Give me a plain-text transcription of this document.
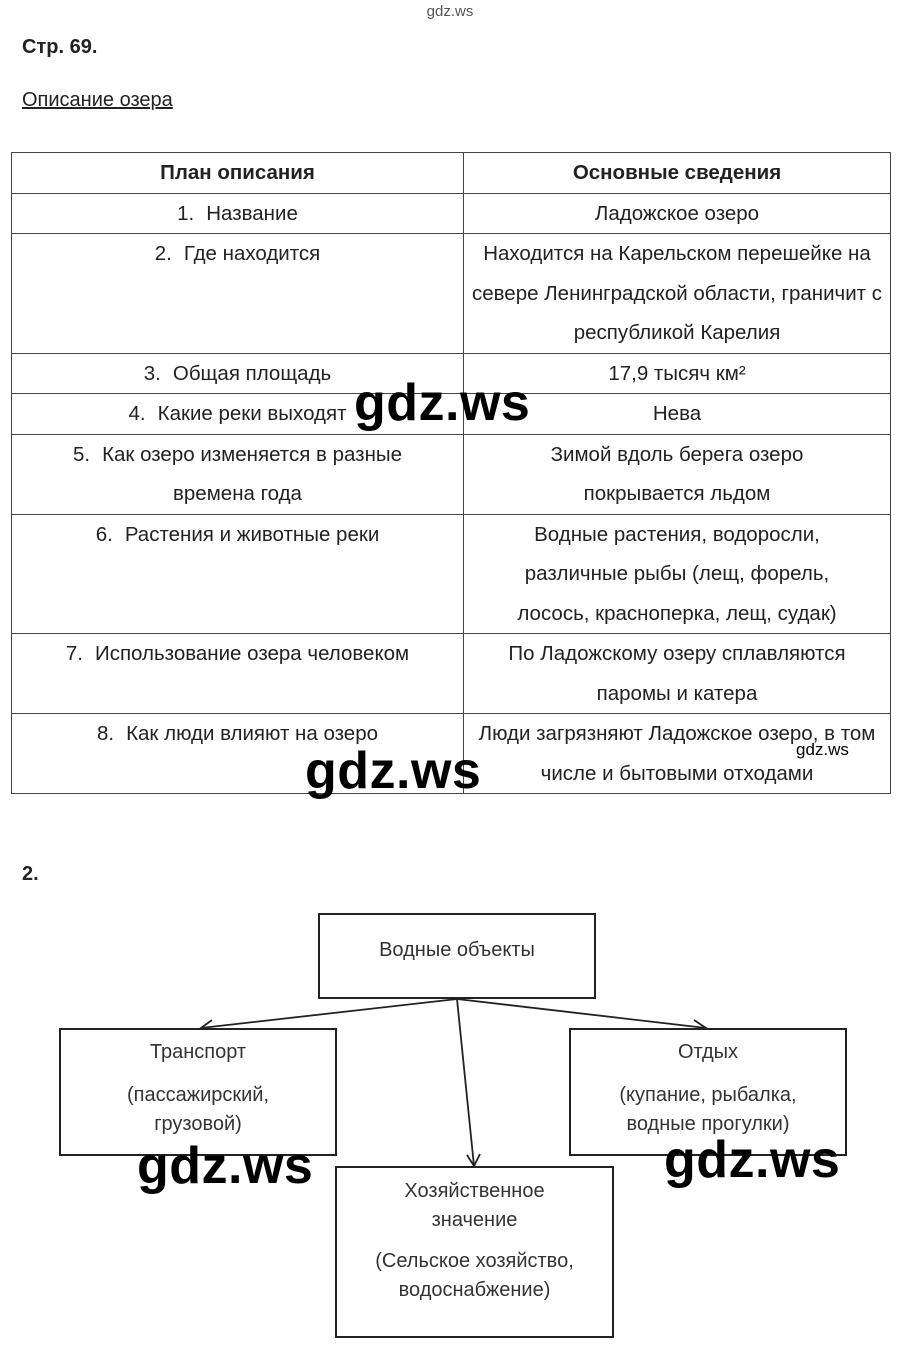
gdz.ws
Стр. 69.
Описание озера
План описания	Основные сведения
1. Название	Ладожское озеро
2. Где находится	Находится на Карельском перешейке на севере Ленинградской области, граничит с республикой Карелия
3. Общая площадь	17,9 тысяч км²
4. Какие реки выходят	Нева
5. Как озеро изменяется в разные времена года	Зимой вдоль берега озеро покрывается льдом
6. Растения и животные реки	Водные растения, водоросли, различные рыбы (лещ, форель, лосось, красноперка, лещ, судак)
7. Использование озера человеком	По Ладожскому озеру сплавляются паромы и катера
8. Как люди влияют на озеро	Люди загрязняют Ладожское озеро, в том числе и бытовыми отходами
gdz.ws
gdz.ws	gdz.ws
2.
Водные объекты
Транспорт
(пассажирский, грузовой)
Отдых
(купание, рыбалка, водные прогулки)
Хозяйственное значение
(Сельское хозяйство, водоснабжение)
gdz.ws	gdz.ws
